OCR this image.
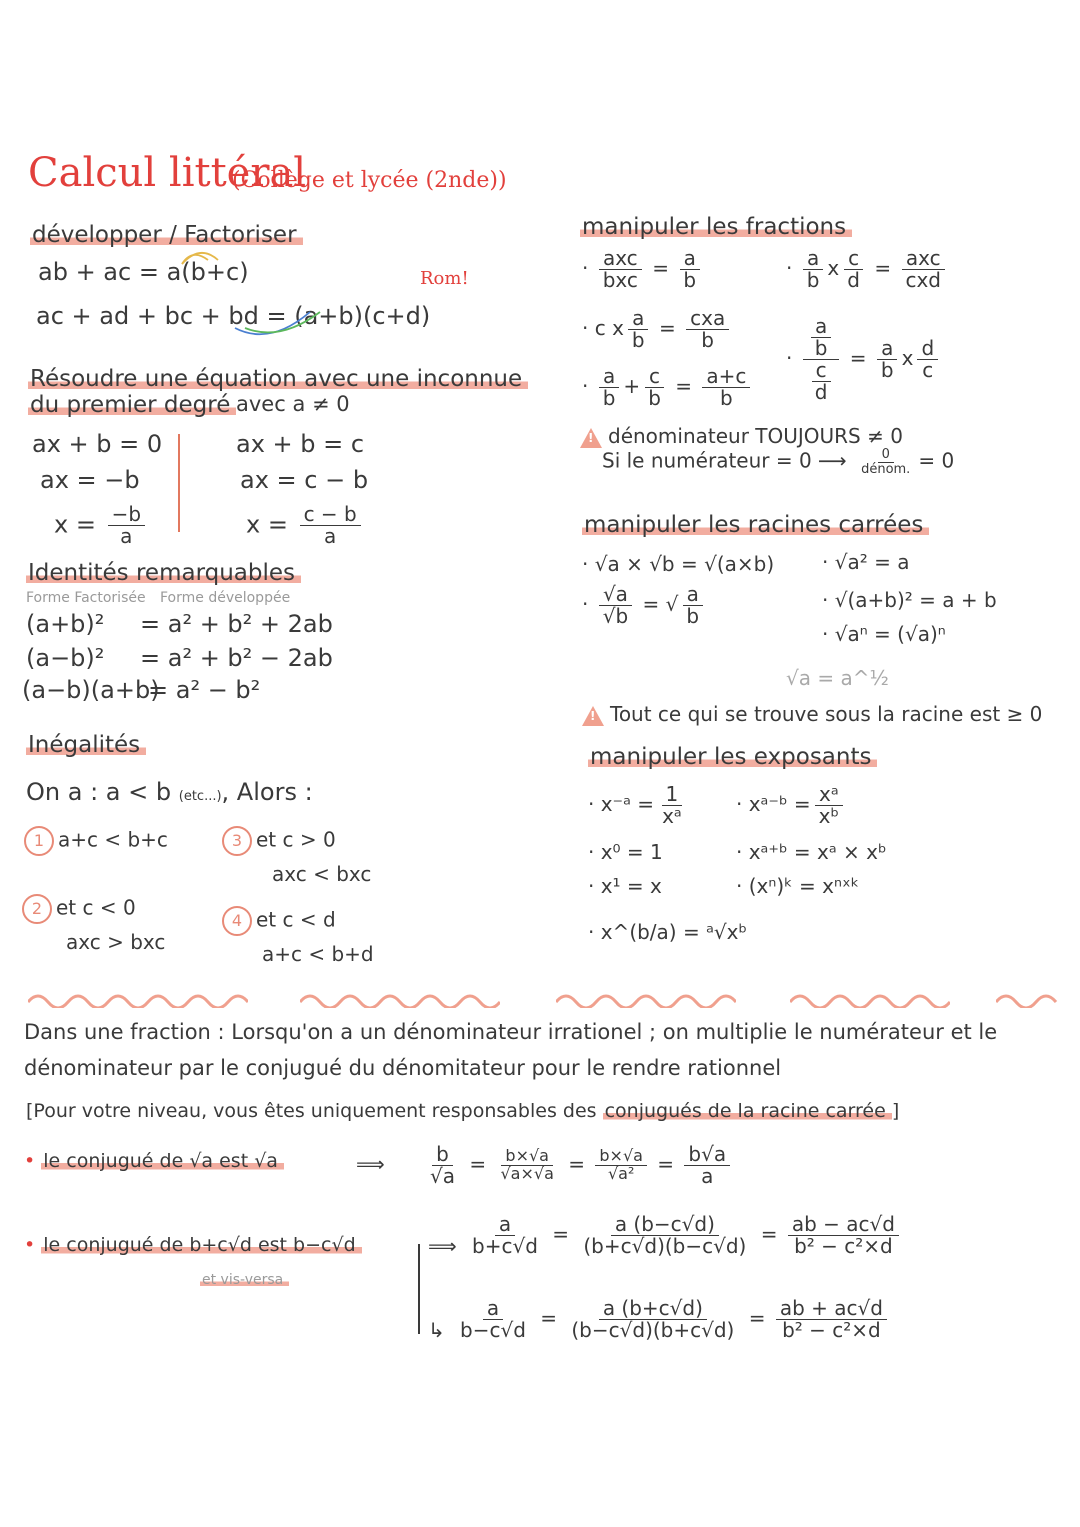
Calcul littéral
(Collège et lycée (2nde))
développer / Factoriser
ab + ac = a(b+c)
ac + ad + bc + bd = (a+b)(c+d)
Rom!
Résoudre une équation avec une inconnue
du premier degré avec a ≠ 0
ax + b = 0
ax = −b
$x = \frac{-b}{a}$
ax + b = c
ax = c − b
$x = \frac{c - b}{a}$
Identités remarquables
Forme Factorisée Forme développée
(a+b)² = a² + b² + 2ab
(a−b)² = a² + b² − 2ab
(a−b)(a+b)
= a² − b²
Inégalités
On a : a < b (etc...), Alors :
1 a+c < b+c
2 et c < 0
axc > bxc
3 et c > 0
axc < bxc
4 et c < d
a+c < b+d
manipuler les fractions
· $\frac{\text{axc}}{\text{bxc}} = \frac{a}{b}$
· c x $\frac{a}{b} = \frac{\text{cxa}}{b}$
· $\frac{a}{b} + \frac{c}{b} = \frac{a+c}{b}$
· $\frac{a}{b}$ x $\frac{c}{d} = \frac{\text{axc}}{\text{cxd}}$
· $\frac{\frac{a}{b}}{\frac{c}{d}} = \frac{a}{b}$ x $\frac{d}{c}$
! dénominateur TOUJOURS ≠ 0
Si le numérateur = 0 ⟶ $\frac{0}{\text{dénom.}} = 0$
manipuler les racines carrées
· √a × √b = √(a×b)
· $\frac{√a}{√b}$ = √ $\frac{a}{b}$
· √a² = a
· √(a+b)² = a + b
· √aⁿ = (√a)ⁿ
√a = a^½
! Tout ce qui se trouve sous la racine est ≥ 0
manipuler les exposants
· x⁻ᵃ = $\frac{1}{\text{xᵃ}}$
· x⁰ = 1
· x¹ = x
· x^(b/a) = ᵃ√xᵇ
· xᵃ⁻ᵇ = $\frac{\text{xᵃ}}{\text{xᵇ}}$
· xᵃ⁺ᵇ = xᵃ × xᵇ
· (xⁿ)ᵏ = xⁿˣᵏ
Dans une fraction : Lorsqu'on a un dénominateur irrationel ; on multiplie le numérateur et le
dénominateur par le conjugué du dénomitateur pour le rendre rationnel
[Pour votre niveau, vous êtes uniquement responsables des conjugués de la racine carrée ]
• le conjugué de √a est √a	⟹ $\frac{b}{√a} = \frac{b\times√a}{√a\times√a} = \frac{b\times√a}{\text{√a²}} = \frac{b√a}{a}$
• le conjugué de b+c√d est b−c√d
et vis-versa
⟹ $\frac{a}{b+c√d} = \frac{a (b-c√d)}{(b+c√d)(b-c√d)} = \frac{ab - ac√d}{\text{b² − c²×d}}$
↳ $\frac{a}{b-c√d} = \frac{a (b+c√d)}{(b-c√d)(b+c√d)} = \frac{ab + ac√d}{\text{b² − c²×d}}$
